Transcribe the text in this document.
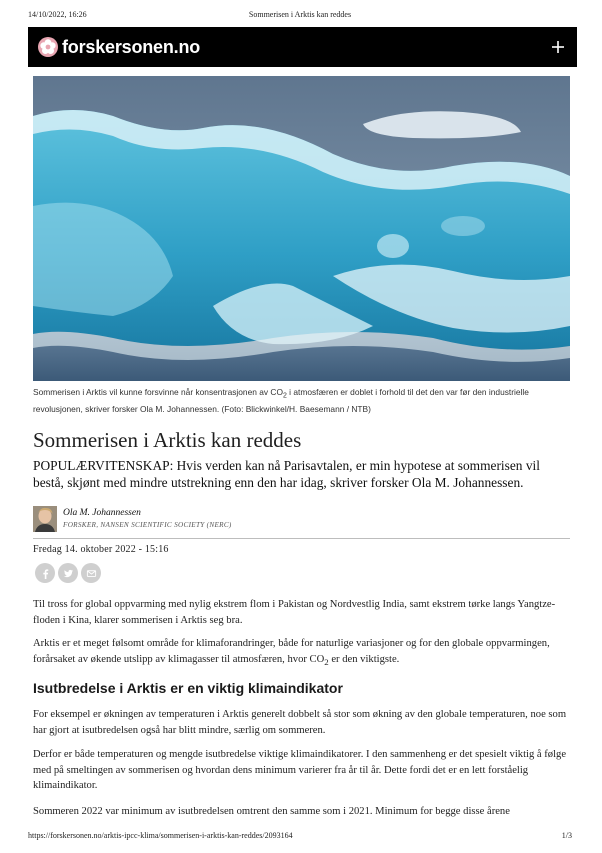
14/10/2022, 16:26	Sommerisen i Arktis kan reddes
forskersonen.no
Sommerisen i Arktis vil kunne forsvinne når konsentrasjonen av $CO_2$ i atmosfæren er doblet i forhold til det den var før den industrielle revolusjonen, skriver forsker Ola M. Johannessen. (Foto: Blickwinkel/H. Baesemann / NTB)
Sommerisen i Arktis kan reddes

POPULÆRVITENSKAP: Hvis verden kan nå Parisavtalen, er min hypotese at sommerisen vil bestå, skjønt med mindre utstrekning enn den har idag, skriver forsker Ola M. Johannessen.

Ola M. Johannessen
FORSKER, NANSEN SCIENTIFIC SOCIETY (NERC)
Fredag 14. oktober 2022 - 15:16

Til tross for global oppvarming med nylig ekstrem flom i Pakistan og Nordvestlig India, samt ekstrem tørke langs Yangtze-floden i Kina, klarer sommerisen i Arktis seg bra.

Arktis er et meget følsomt område for klimaforandringer, både for naturlige variasjoner og for den globale oppvarmingen, forårsaket av økende utslipp av klimagasser til atmosfæren, hvor $CO_2$ er den viktigste.

Isutbredelse i Arktis er en viktig klimaindikator

For eksempel er økningen av temperaturen i Arktis generelt dobbelt så stor som økning av den globale temperaturen, noe som har gjort at isutbredelsen også har blitt mindre, særlig om sommeren.

Derfor er både temperaturen og mengde isutbredelse viktige klimaindikatorer. I den sammenheng er det spesielt viktig å følge med på smeltingen av sommerisen og hvordan dens minimum varierer fra år til år. Dette fordi det er en lett forståelig klimaindikator.

Sommeren 2022 var minimum av isutbredelsen omtrent den samme som i 2021. Minimum for begge disse årene

https://forskersonen.no/arktis-ipcc-klima/sommerisen-i-arktis-kan-reddes/2093164	1/3
